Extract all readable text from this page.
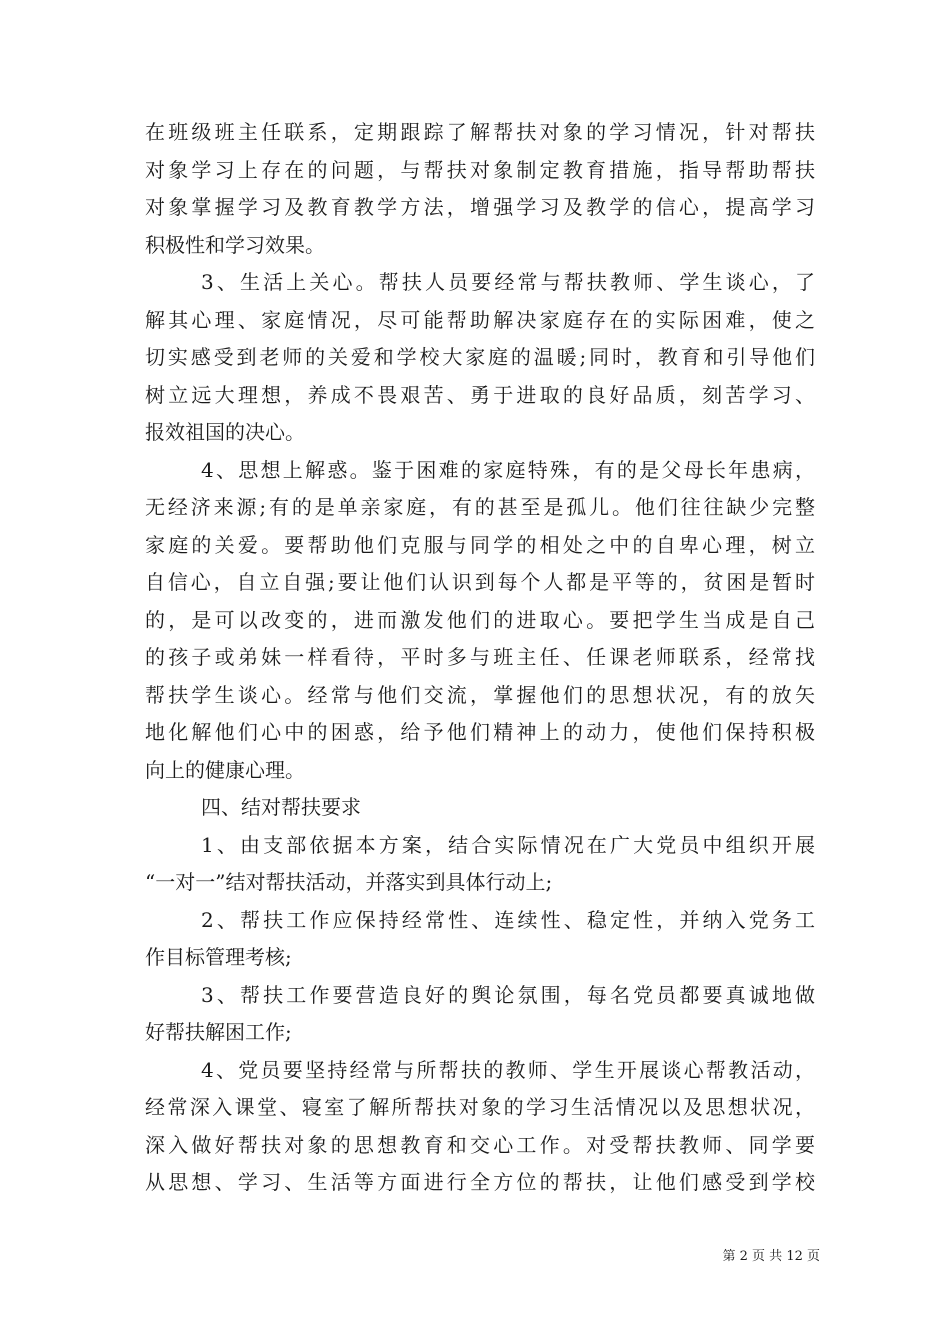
在班级班主任联系，定期跟踪了解帮扶对象的学习情况，针对帮扶
对象学习上存在的问题，与帮扶对象制定教育措施，指导帮助帮扶
对象掌握学习及教育教学方法，增强学习及教学的信心，提高学习
积极性和学习效果。
3、生活上关心。帮扶人员要经常与帮扶教师、学生谈心，了
解其心理、家庭情况，尽可能帮助解决家庭存在的实际困难，使之
切实感受到老师的关爱和学校大家庭的温暖;同时，教育和引导他们
树立远大理想，养成不畏艰苦、勇于进取的良好品质，刻苦学习、
报效祖国的决心。
4、思想上解惑。鉴于困难的家庭特殊，有的是父母长年患病，
无经济来源;有的是单亲家庭，有的甚至是孤儿。他们往往缺少完整
家庭的关爱。要帮助他们克服与同学的相处之中的自卑心理，树立
自信心，自立自强;要让他们认识到每个人都是平等的，贫困是暂时
的，是可以改变的，进而激发他们的进取心。要把学生当成是自己
的孩子或弟妹一样看待，平时多与班主任、任课老师联系，经常找
帮扶学生谈心。经常与他们交流，掌握他们的思想状况，有的放矢
地化解他们心中的困惑，给予他们精神上的动力，使他们保持积极
向上的健康心理。
四、结对帮扶要求
1、由支部依据本方案，结合实际情况在广大党员中组织开展
“一对一”结对帮扶活动，并落实到具体行动上;
2、帮扶工作应保持经常性、连续性、稳定性，并纳入党务工
作目标管理考核;
3、帮扶工作要营造良好的舆论氛围，每名党员都要真诚地做
好帮扶解困工作;
4、党员要坚持经常与所帮扶的教师、学生开展谈心帮教活动，
经常深入课堂、寝室了解所帮扶对象的学习生活情况以及思想状况，
深入做好帮扶对象的思想教育和交心工作。对受帮扶教师、同学要
从思想、学习、生活等方面进行全方位的帮扶，让他们感受到学校
第 2 页 共 12 页
